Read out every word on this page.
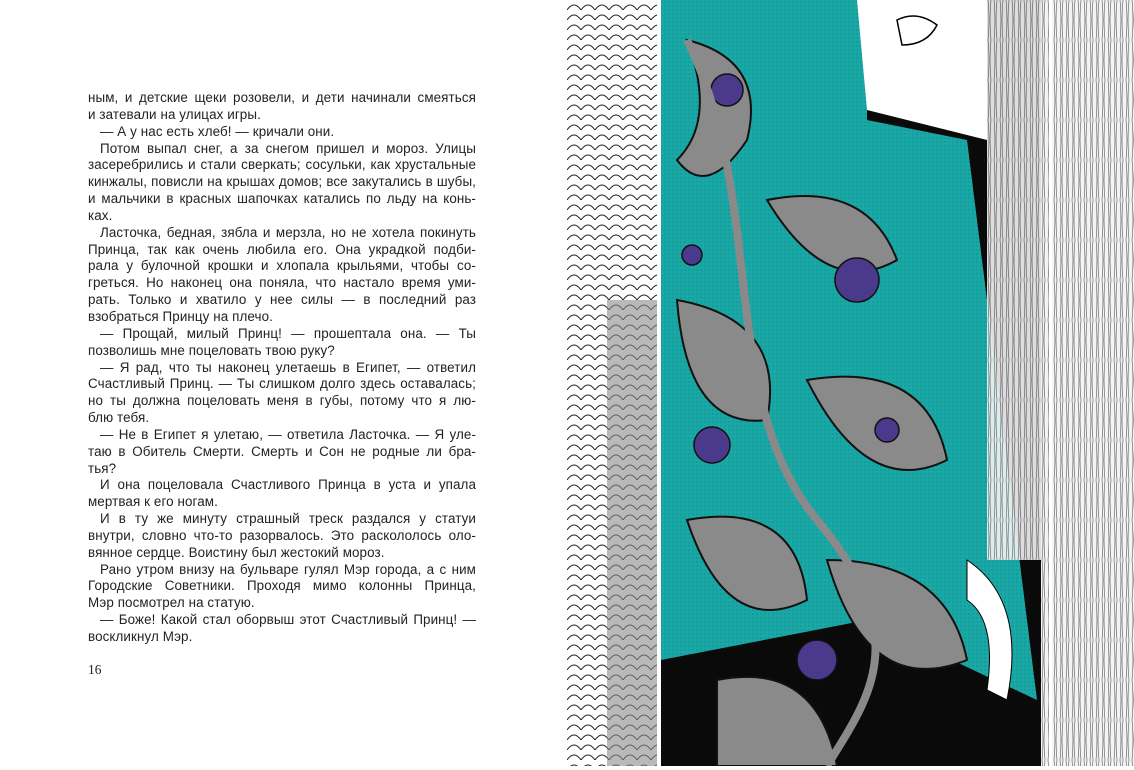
ным, и детские щеки розовели, и дети начинали смеяться
и затевали на улицах игры.
— А у нас есть хлеб! — кричали они.
Потом выпал снег, а за снегом пришел и мороз. Улицы
засеребрились и стали сверкать; сосульки, как хрустальные
кинжалы, повисли на крышах домов; все закутались в шубы,
и мальчики в красных шапочках катались по льду на конь-
ках.
Ласточка, бедная, зябла и мерзла, но не хотела покинуть
Принца, так как очень любила его. Она украдкой подби-
рала у булочной крошки и хлопала крыльями, чтобы со-
греться. Но наконец она поняла, что настало время уми-
рать. Только и хватило у нее силы — в последний раз
взобраться Принцу на плечо.
— Прощай, милый Принц! — прошептала она. — Ты
позволишь мне поцеловать твою руку?
— Я рад, что ты наконец улетаешь в Египет, — ответил
Счастливый Принц. — Ты слишком долго здесь оставалась;
но ты должна поцеловать меня в губы, потому что я лю-
блю тебя.
— Не в Египет я улетаю, — ответила Ласточка. — Я уле-
таю в Обитель Смерти. Смерть и Сон не родные ли бра-
тья?
И она поцеловала Счастливого Принца в уста и упала
мертвая к его ногам.
И в ту же минуту страшный треск раздался у статуи
внутри, словно что-то разорвалось. Это раскололось оло-
вянное сердце. Воистину был жестокий мороз.
Рано утром внизу на бульваре гулял Мэр города, а с ним
Городские Советники. Проходя мимо колонны Принца,
Мэр посмотрел на статую.
— Боже! Какой стал оборвыш этот Счастливый Принц! —
воскликнул Мэр.
16
